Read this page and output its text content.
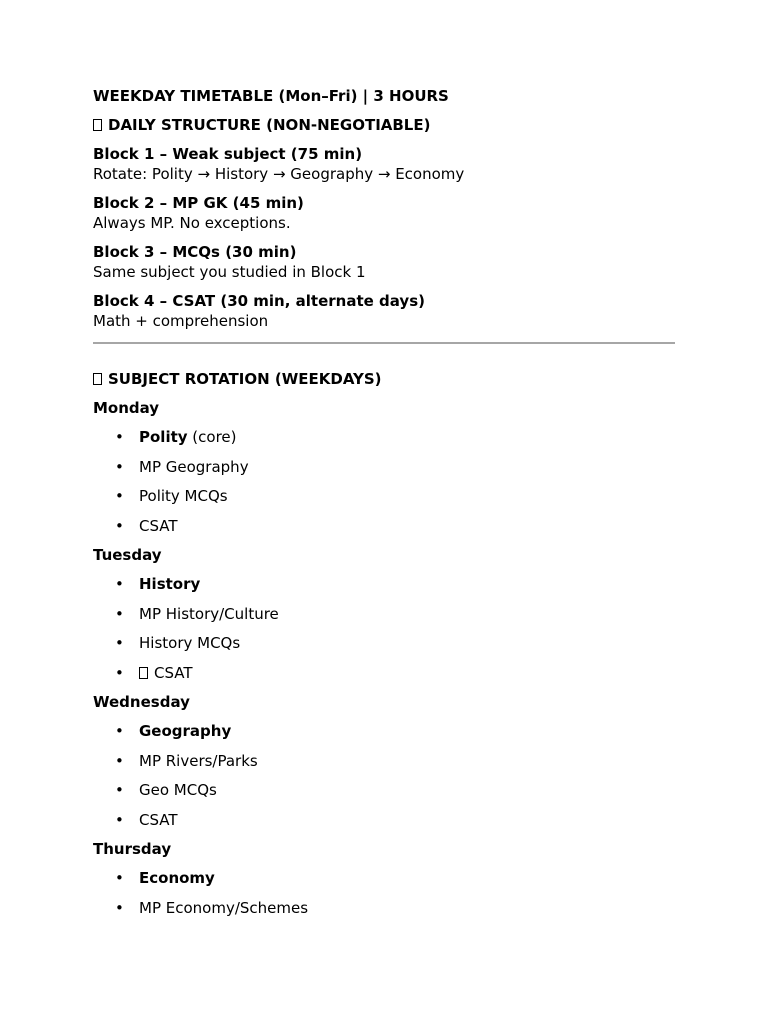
WEEKDAY TIMETABLE (Mon–Fri) | 3 HOURS
DAILY STRUCTURE (NON-NEGOTIABLE)
Block 1 – Weak subject (75 min)
Rotate: Polity → History → Geography → Economy
Block 2 – MP GK (45 min)
Always MP. No exceptions.
Block 3 – MCQs (30 min)
Same subject you studied in Block 1
Block 4 – CSAT (30 min, alternate days)
Math + comprehension
SUBJECT ROTATION (WEEKDAYS)
Monday
• Polity (core)
• MP Geography
• Polity MCQs
• CSAT
Tuesday
• History
• MP History/Culture
• History MCQs
• CSAT
Wednesday
• Geography
• MP Rivers/Parks
• Geo MCQs
• CSAT
Thursday
• Economy
• MP Economy/Schemes
